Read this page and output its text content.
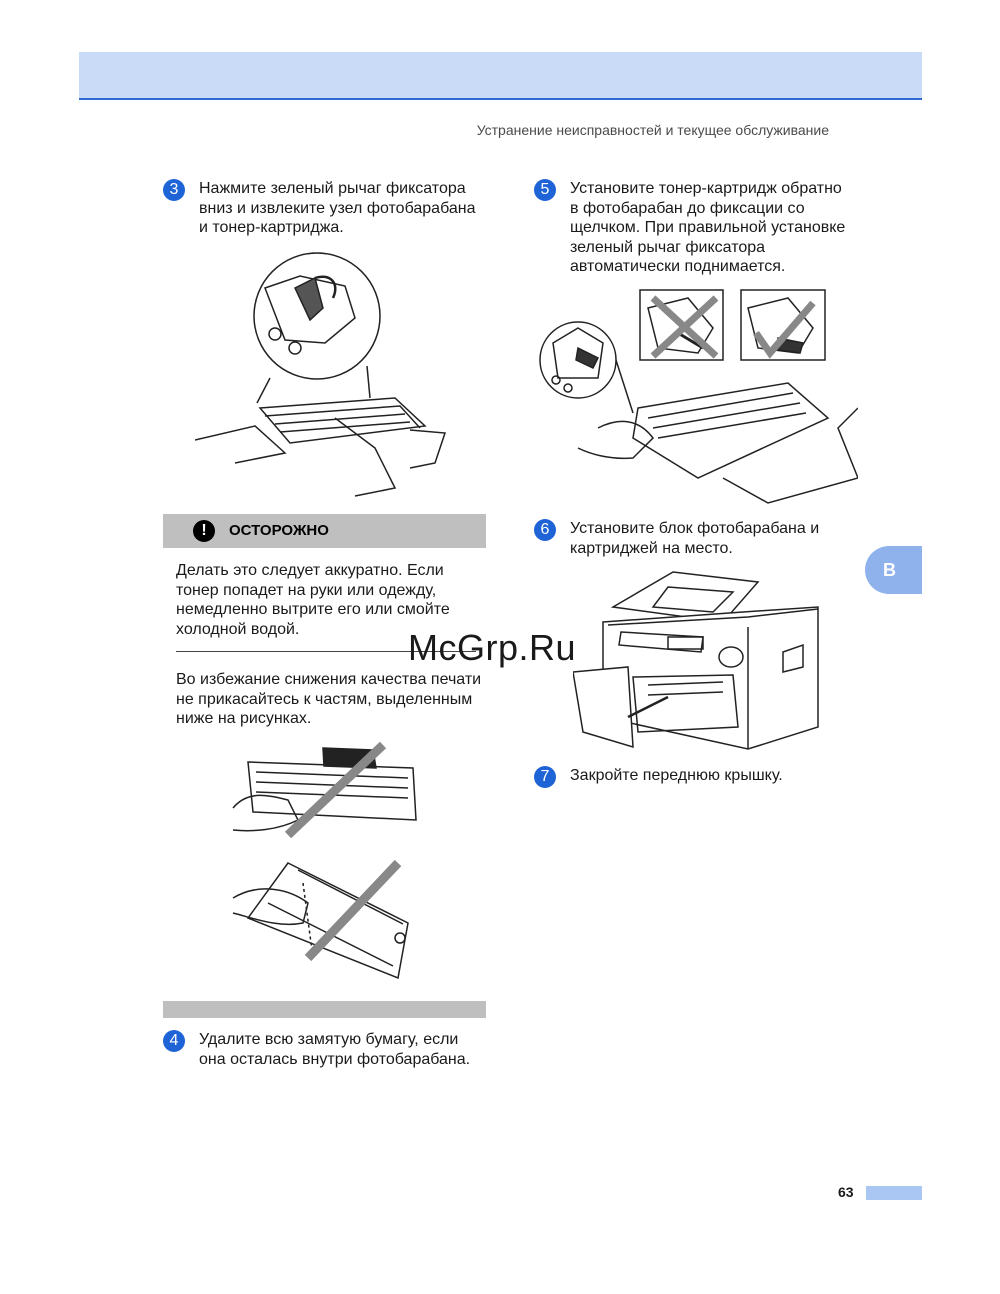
Устранение неисправностей и текущее обслуживание
3	Нажмите зеленый рычаг фиксатора
вниз и извлеките узел фотобарабана
и тонер-картриджа.
!	ОСТОРОЖНО
Делать это следует аккуратно. Если
тонер попадет на руки или одежду,
немедленно вытрите его или смойте
холодной водой.
Во избежание снижения качества печати
не прикасайтесь к частям, выделенным
ниже на рисунках.
4	Удалите всю замятую бумагу, если
она осталась внутри фотобарабана.
5	Установите тонер-картридж обратно
в фотобарабан до фиксации со
щелчком. При правильной установке
зеленый рычаг фиксатора
автоматически поднимается.
6	Установите блок фотобарабана и
картриджей на место.
7	Закройте переднюю крышку.
McGrp.Ru
B
63
